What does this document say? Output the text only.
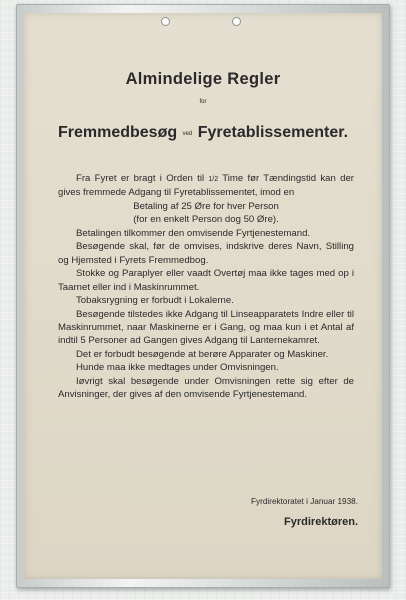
Almindelige Regler
for
Fremmedbesøg ved Fyretablissementer.

Fra Fyret er bragt i Orden til 1/2 Time før Tændingstid kan der gives fremmede Adgang til Fyretablissementet, imod en

Betaling af 25 Øre for hver Person

(for en enkelt Person dog 50 Øre).

Betalingen tilkommer den omvisende Fyrtjenestemand.

Besøgende skal, før de omvises, indskrive deres Navn, Stilling og Hjemsted i Fyrets Fremmedbog.

Stokke og Paraplyer eller vaadt Overtøj maa ikke tages med op i Taarnet eller ind i Maskinrummet.

Tobaksrygning er forbudt i Lokalerne.

Besøgende tilstedes ikke Adgang til Linseapparatets Indre eller til Maskinrummet, naar Maskinerne er i Gang, og maa kun i et Antal af indtil 5 Personer ad Gangen gives Adgang til Lanternekamret.

Det er forbudt besøgende at berøre Apparater og Maskiner.

Hunde maa ikke medtages under Omvisningen.

Iøvrigt skal besøgende under Omvisningen rette sig efter de Anvisninger, der gives af den omvisende Fyrtjenestemand.

Fyrdirektoratet i Januar 1938.
Fyrdirektøren.
